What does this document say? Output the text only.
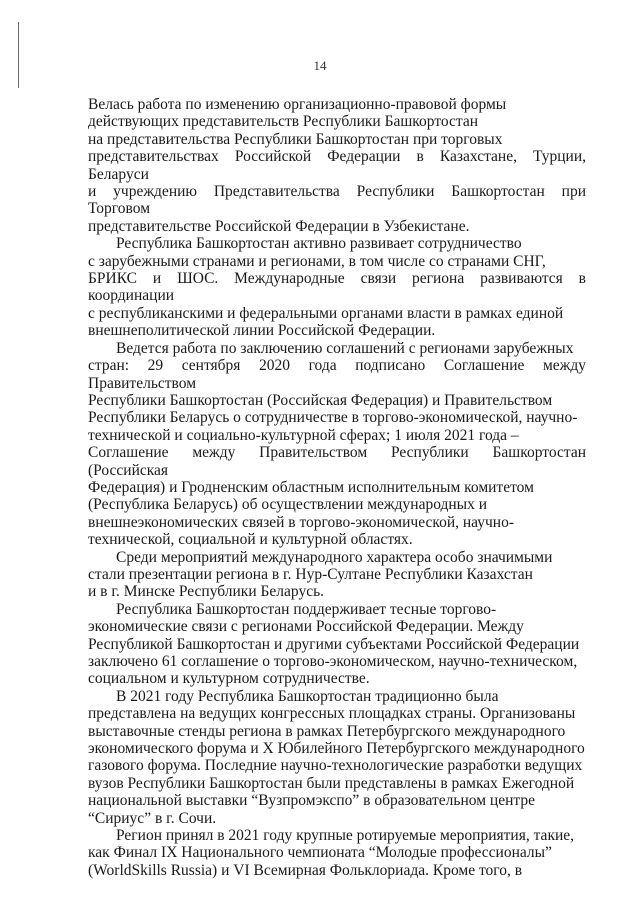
14

Велась работа по изменению организационно-правовой формы
действующих представительств Республики Башкортостан
на представительства Республики Башкортостан при торговых
представительствах Российской Федерации в Казахстане, Турции, Беларуси
и учреждению Представительства Республики Башкортостан при Торговом
представительстве Российской Федерации в Узбекистане.

Республика Башкортостан активно развивает сотрудничество
с зарубежными странами и регионами, в том числе со странами СНГ,
БРИКС и ШОС. Международные связи региона развиваются в координации
с республиканскими и федеральными органами власти в рамках единой
внешнеполитической линии Российской Федерации.

Ведется работа по заключению соглашений с регионами зарубежных
стран: 29 сентября 2020 года подписано Соглашение между Правительством
Республики Башкортостан (Российская Федерация) и Правительством
Республики Беларусь о сотрудничестве в торгово-экономической, научно-
технической и социально-культурной сферах; 1 июля 2021 года –
Соглашение между Правительством Республики Башкортостан (Российская
Федерация) и Гродненским областным исполнительным комитетом
(Республика Беларусь) об осуществлении международных и
внешнеэкономических связей в торгово-экономической, научно-
технической, социальной и культурной областях.

Среди мероприятий международного характера особо значимыми
стали презентации региона в г. Нур-Султане Республики Казахстан
и в г. Минске Республики Беларусь.

Республика Башкортостан поддерживает тесные торгово-
экономические связи с регионами Российской Федерации. Между
Республикой Башкортостан и другими субъектами Российской Федерации
заключено 61 соглашение о торгово-экономическом, научно-техническом,
социальном и культурном сотрудничестве.

В 2021 году Республика Башкортостан традиционно была
представлена на ведущих конгрессных площадках страны. Организованы
выставочные стенды региона в рамках Петербургского международного
экономического форума и X Юбилейного Петербургского международного
газового форума. Последние научно-технологические разработки ведущих
вузов Республики Башкортостан были представлены в рамках Ежегодной
национальной выставки “Вузпромэкспо” в образовательном центре
“Сириус” в г. Сочи.

Регион принял в 2021 году крупные ротируемые мероприятия, такие,
как Финал IX Национального чемпионата “Молодые профессионалы”
(WorldSkills Russia) и VI Всемирная Фольклориада. Кроме того, в
